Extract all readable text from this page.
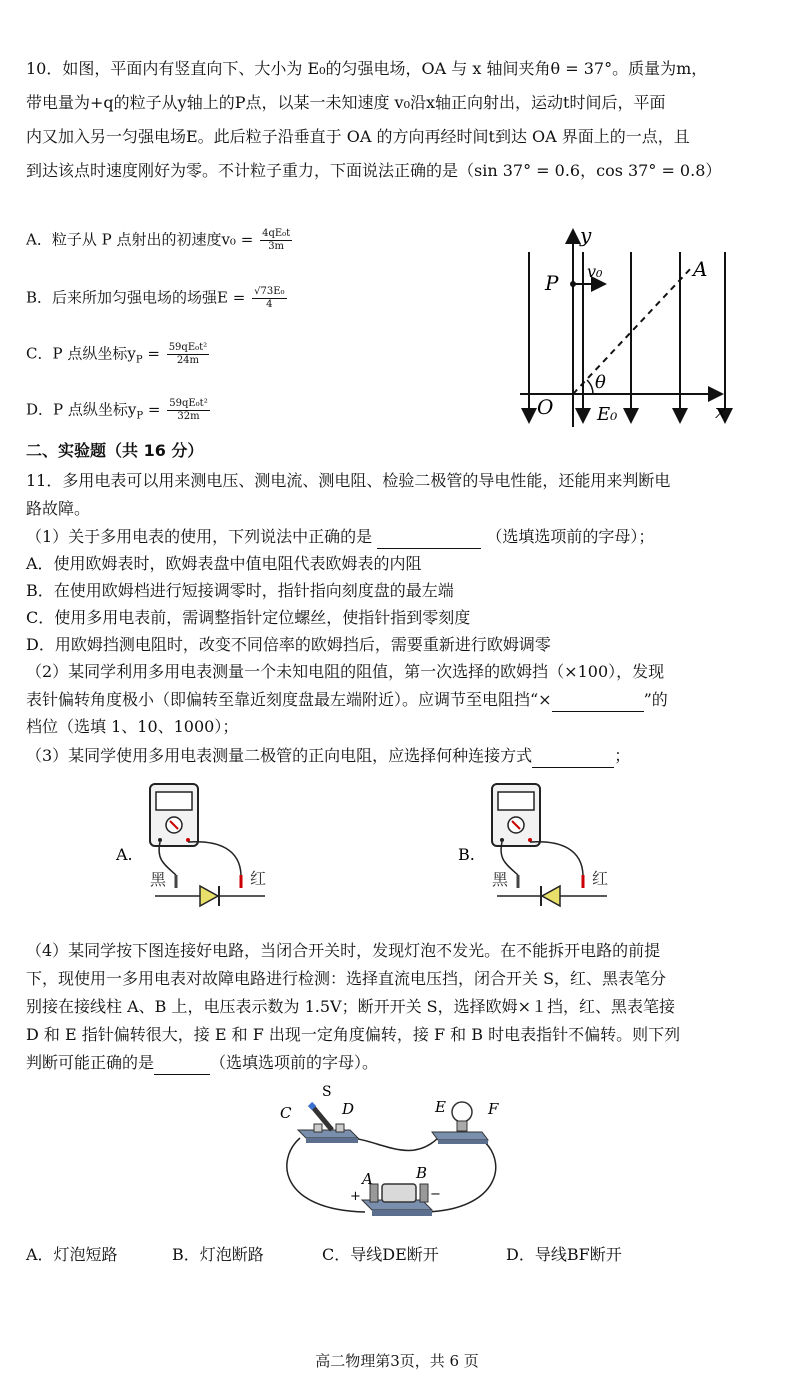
10．如图，平面内有竖直向下、大小为 E₀的匀强电场，OA 与 x 轴间夹角θ = 37°。质量为m，
带电量为+q的粒子从y轴上的P点，以某一未知速度 v₀沿x轴正向射出，运动t时间后，平面
内又加入另一匀强电场E。此后粒子沿垂直于 OA 的方向再经时间t到达 OA 界面上的一点，且
到达该点时速度刚好为零。不计粒子重力，下面说法正确的是（sin 37° = 0.6，cos 37° = 0.8）
A．粒子从 P 点射出的初速度$v_0 = \frac{\text{4qE₀t}}{3m}$
B．后来所加匀强电场的场强$E = \frac{\text{√73E₀}}{4}$
C．P 点纵坐标$y_P = \frac{\text{59qE₀t²}}{24m}$
D．P 点纵坐标$y_P = \frac{\text{59qE₀t²}}{32m}$
y
x
O
P v₀	A
θ
E₀
二、实验题（共 16 分）
11．多用电表可以用来测电压、测电流、测电阻、检验二极管的导电性能，还能用来判断电
路故障。
（1）关于多用电表的使用，下列说法中正确的是	（选填选项前的字母）；
A．使用欧姆表时，欧姆表盘中值电阻代表欧姆表的内阻
B．在使用欧姆档进行短接调零时，指针指向刻度盘的最左端
C．使用多用电表前，需调整指针定位螺丝，使指针指到零刻度
D．用欧姆挡测电阻时，改变不同倍率的欧姆挡后，需要重新进行欧姆调零
（2）某同学利用多用电表测量一个未知电阻的阻值，第一次选择的欧姆挡（×100），发现
表针偏转角度极小（即偏转至靠近刻度盘最左端附近）。应调节至电阻挡“×	”的
档位（选填 1、10、1000）；
（3）某同学使用多用电表测量二极管的正向电阻，应选择何种连接方式	；
A.
黑	红
B.
黑	红
（4）某同学按下图连接好电路，当闭合开关时，发现灯泡不发光。在不能拆开电路的前提
下，现使用一多用电表对故障电路进行检测：选择直流电压挡，闭合开关 S，红、黑表笔分
别接在接线柱 A、B 上，电压表示数为 1.5V；断开开关 S，选择欧姆×１挡，红、黑表笔接
D 和 E 指针偏转很大，接 E 和 F 出现一定角度偏转，接 F 和 B 时电表指针不偏转。则下列
判断可能正确的是	（选填选项前的字母）。
S
C	D	E	F
A	B
+	−
A．灯泡短路	B．灯泡断路	C．导线DE断开	D．导线BF断开
高二物理第3页，共 6 页
